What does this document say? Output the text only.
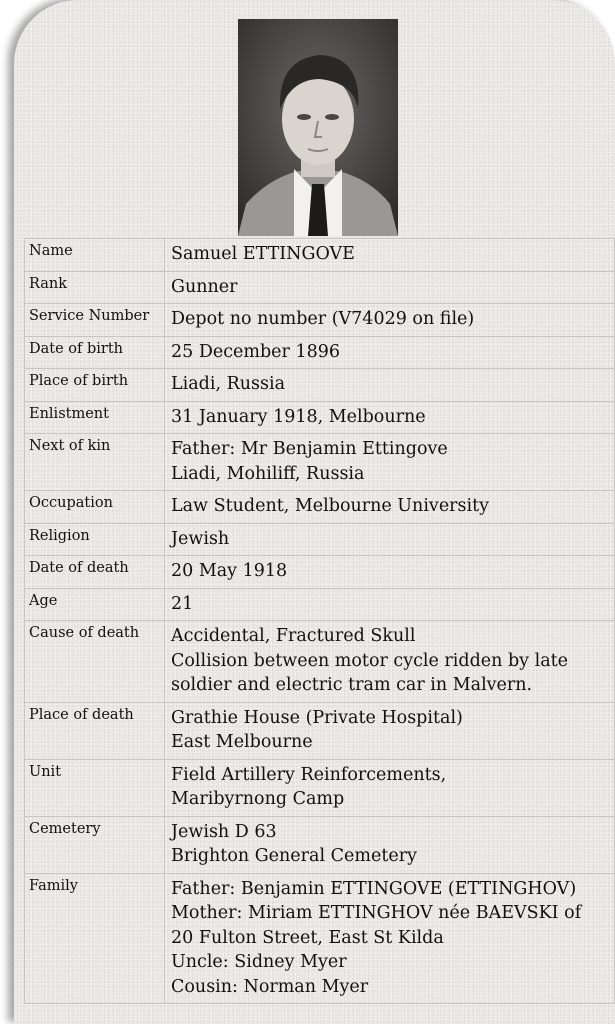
Name	Samuel ETTINGOVE

Rank	Gunner

Service Number	Depot no number (V74029 on file)

Date of birth	25 December 1896

Place of birth	Liadi, Russia

Enlistment	31 January 1918, Melbourne

Next of kin	Father: Mr Benjamin Ettingove
Liadi, Mohiliff, Russia

Occupation	Law Student, Melbourne University

Religion	Jewish

Date of death	20 May 1918

Age	21

Cause of death	Accidental, Fractured Skull
Collision between motor cycle ridden by late
soldier and electric tram car in Malvern.

Place of death	Grathie House (Private Hospital)
East Melbourne

Unit	Field Artillery Reinforcements,
Maribyrnong Camp

Cemetery	Jewish D 63
Brighton General Cemetery

Family	Father: Benjamin ETTINGOVE (ETTINGHOV)
Mother: Miriam ETTINGHOV née BAEVSKI of
20 Fulton Street, East St Kilda
Uncle: Sidney Myer
Cousin: Norman Myer
